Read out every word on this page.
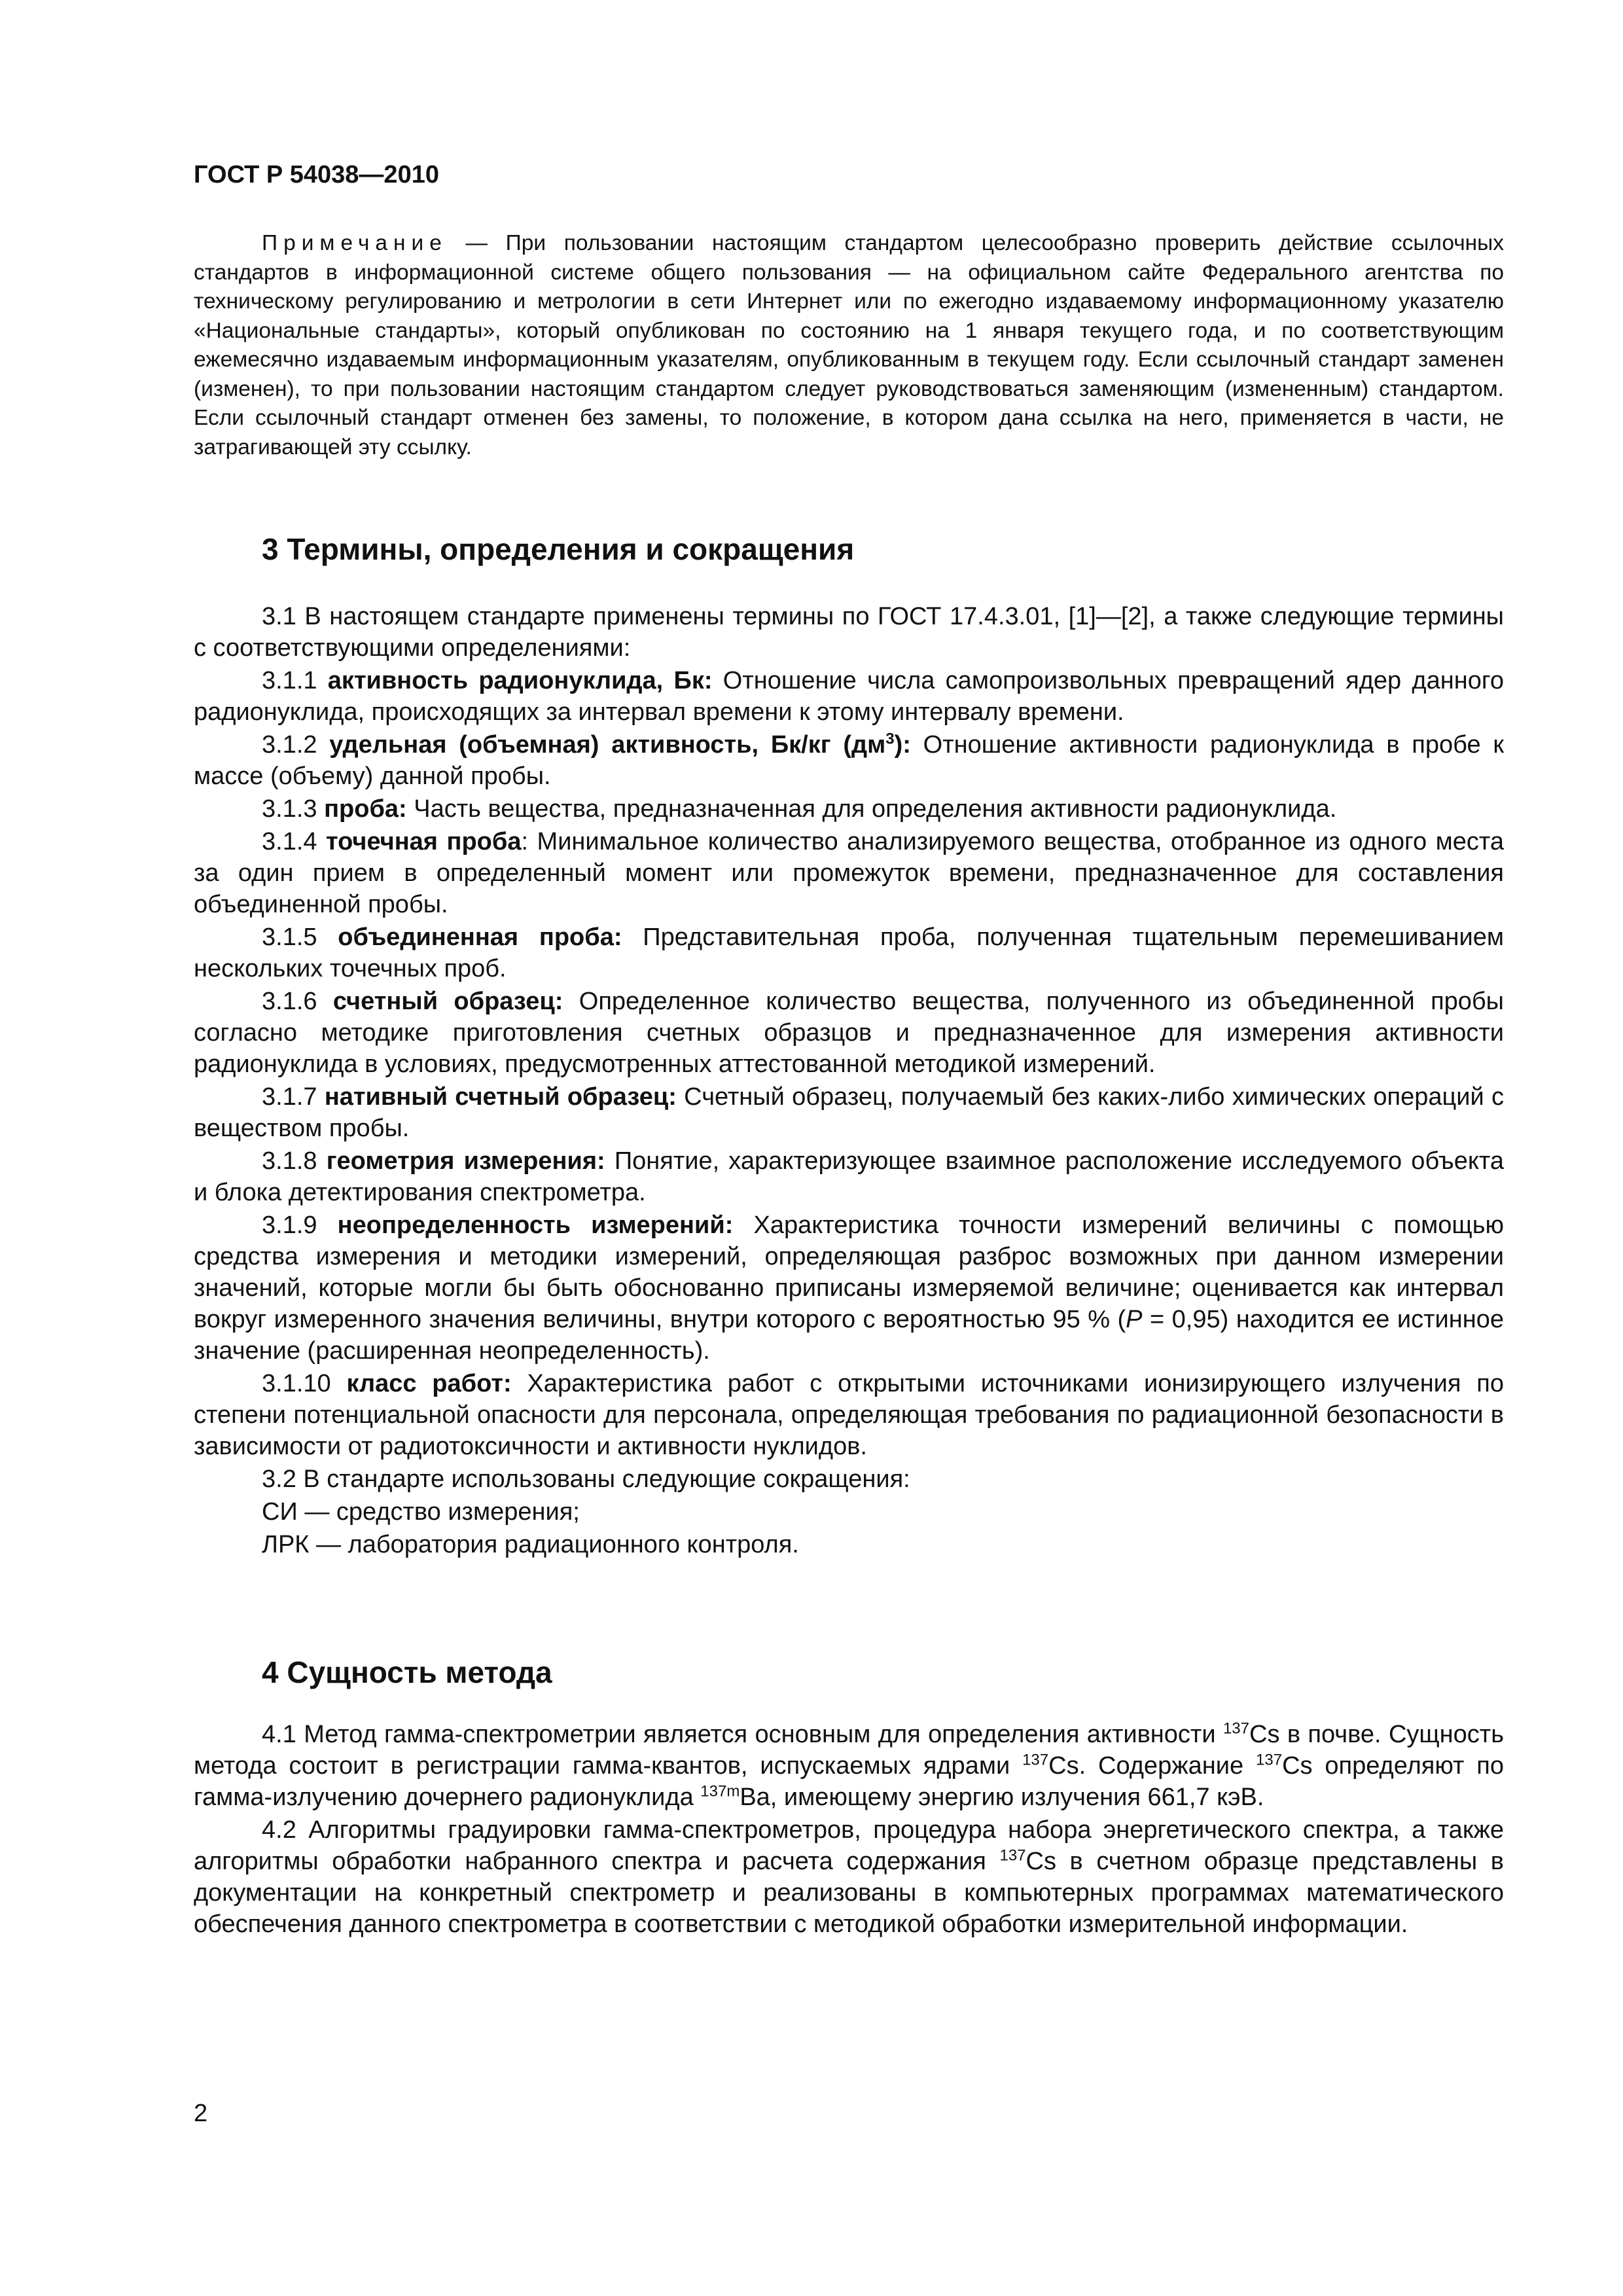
ГОСТ Р 54038—2010

Примечание — При пользовании настоящим стандартом целесообразно проверить действие ссылочных стандартов в информационной системе общего пользования — на официальном сайте Федерального агентства по техническому регулированию и метрологии в сети Интернет или по ежегодно издаваемому информационному указателю «Национальные стандарты», который опубликован по состоянию на 1 января текущего года, и по соответствующим ежемесячно издаваемым информационным указателям, опубликованным в текущем году. Если ссылочный стандарт заменен (изменен), то при пользовании настоящим стандартом следует руководствоваться заменяющим (измененным) стандартом. Если ссылочный стандарт отменен без замены, то положение, в котором дана ссылка на него, применяется в части, не затрагивающей эту ссылку.

3 Термины, определения и сокращения

3.1 В настоящем стандарте применены термины по ГОСТ 17.4.3.01, [1]—[2], а также следующие термины с соответствующими определениями:

3.1.1 активность радионуклида, Бк: Отношение числа самопроизвольных превращений ядер данного радионуклида, происходящих за интервал времени к этому интервалу времени.

3.1.2 удельная (объемная) активность, Бк/кг $(дм^3)$: Отношение активности радионуклида в пробе к массе (объему) данной пробы.

3.1.3 проба: Часть вещества, предназначенная для определения активности радионуклида.

3.1.4 точечная проба: Минимальное количество анализируемого вещества, отобранное из одного места за один прием в определенный момент или промежуток времени, предназначенное для составления объединенной пробы.

3.1.5 объединенная проба: Представительная проба, полученная тщательным перемешиванием нескольких точечных проб.

3.1.6 счетный образец: Определенное количество вещества, полученного из объединенной пробы согласно методике приготовления счетных образцов и предназначенное для измерения активности радионуклида в условиях, предусмотренных аттестованной методикой измерений.

3.1.7 нативный счетный образец: Счетный образец, получаемый без каких-либо химических операций с веществом пробы.

3.1.8 геометрия измерения: Понятие, характеризующее взаимное расположение исследуемого объекта и блока детектирования спектрометра.

3.1.9 неопределенность измерений: Характеристика точности измерений величины с помощью средства измерения и методики измерений, определяющая разброс возможных при данном измерении значений, которые могли бы быть обоснованно приписаны измеряемой величине; оценивается как интервал вокруг измеренного значения величины, внутри которого с вероятностью 95 % (P = 0,95) находится ее истинное значение (расширенная неопределенность).

3.1.10 класс работ: Характеристика работ с открытыми источниками ионизирующего излучения по степени потенциальной опасности для персонала, определяющая требования по радиационной безопасности в зависимости от радиотоксичности и активности нуклидов.

3.2 В стандарте использованы следующие сокращения:

СИ — средство измерения;

ЛРК — лаборатория радиационного контроля.

4 Сущность метода

4.1 Метод гамма-спектрометрии является основным для определения активности $^{137}$Cs в почве. Сущность метода состоит в регистрации гамма-квантов, испускаемых ядрами $^{137}$Cs. Содержание $^{137}$Cs определяют по гамма-излучению дочернего радионуклида $^{137m}$Ba, имеющему энергию излучения 661,7 кэВ.

4.2 Алгоритмы градуировки гамма-спектрометров, процедура набора энергетического спектра, а также алгоритмы обработки набранного спектра и расчета содержания $^{137}$Cs в счетном образце представлены в документации на конкретный спектрометр и реализованы в компьютерных программах математического обеспечения данного спектрометра в соответствии с методикой обработки измерительной информации.

2
